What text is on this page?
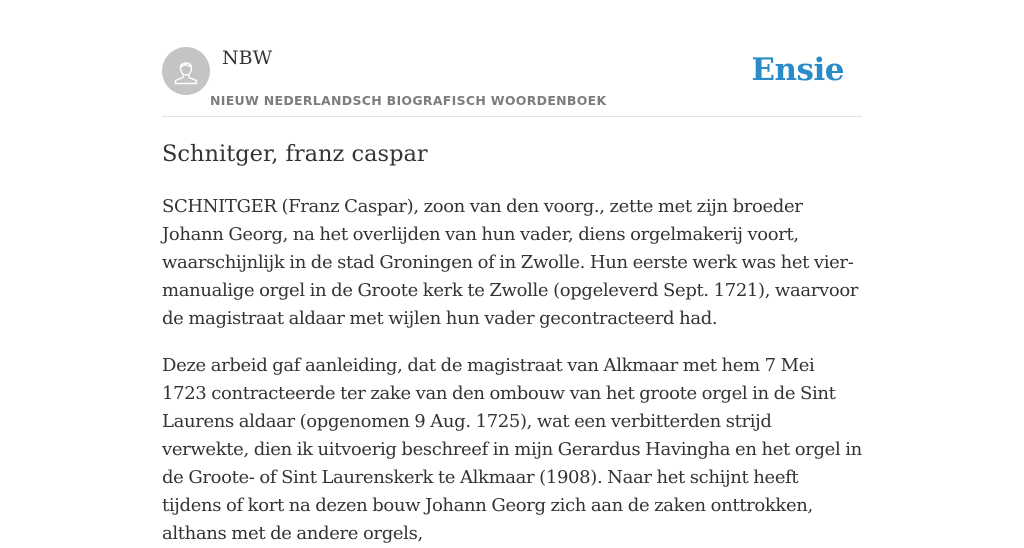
NBW
NIEUW NEDERLANDSCH BIOGRAFISCH WOORDENBOEK
Ensie
Schnitger, franz caspar

SCHNITGER (Franz Caspar), zoon van den voorg., zette met zijn broeder Johann Georg, na het overlijden van hun vader, diens orgelmakerij voort, waarschijnlijk in de stad Groningen of in Zwolle. Hun eerste werk was het vier-manualige orgel in de Groote kerk te Zwolle (opgeleverd Sept. 1721), waarvoor de magistraat aldaar met wijlen hun vader gecontracteerd had.

Deze arbeid gaf aanleiding, dat de magistraat van Alkmaar met hem 7 Mei 1723 contracteerde ter zake van den ombouw van het groote orgel in de Sint Laurens aldaar (opgenomen 9 Aug. 1725), wat een verbitterden strijd verwekte, dien ik uitvoerig beschreef in mijn Gerardus Havingha en het orgel in de Groote- of Sint Laurenskerk te Alkmaar (1908). Naar het schijnt heeft tijdens of kort na dezen bouw Johann Georg zich aan de zaken onttrokken, althans met de andere orgels,
